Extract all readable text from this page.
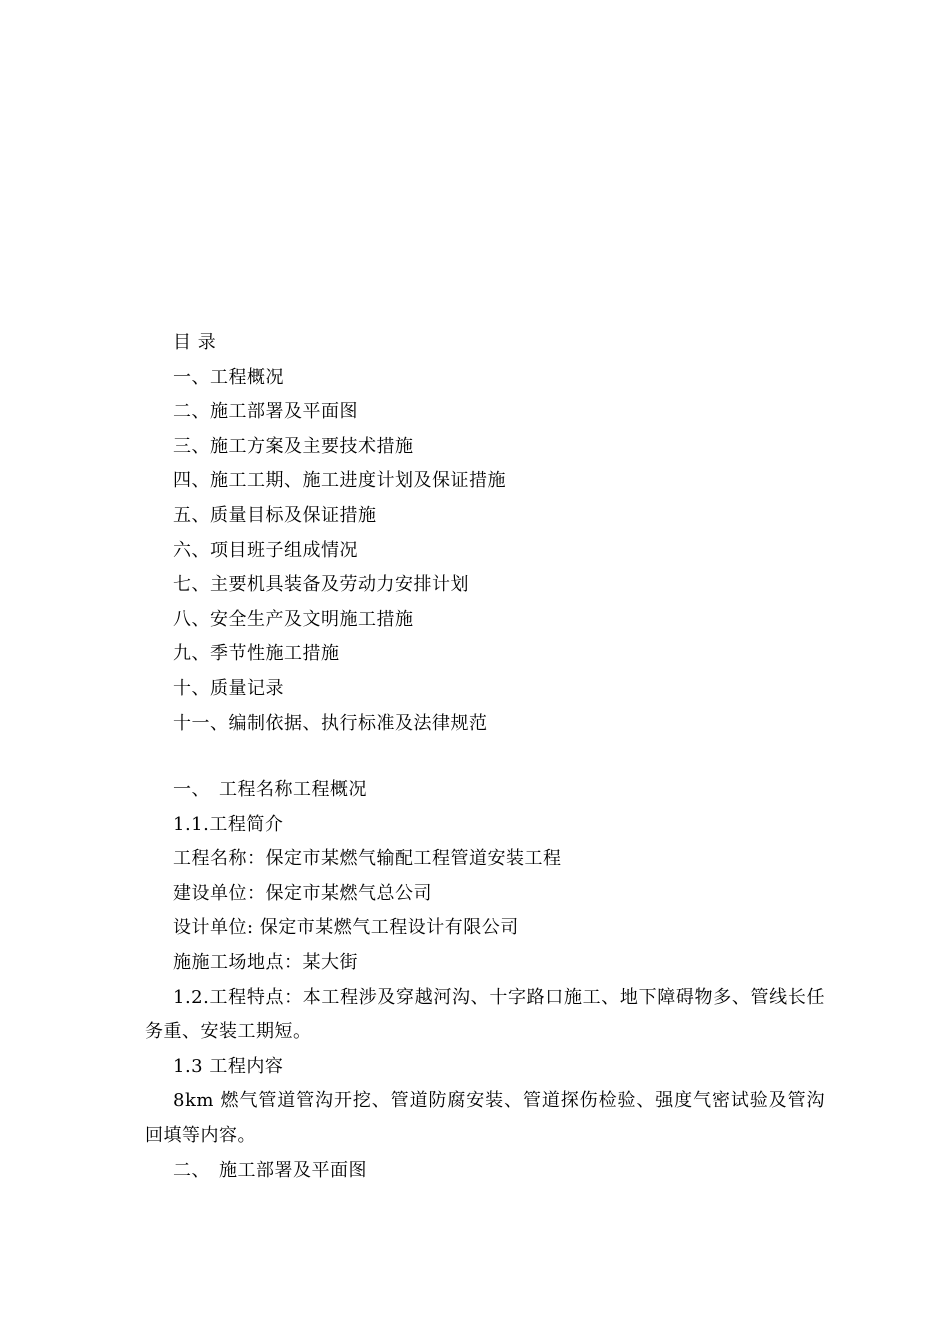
目 录
一、工程概况
二、施工部署及平面图
三、施工方案及主要技术措施
四、施工工期、施工进度计划及保证措施
五、质量目标及保证措施
六、项目班子组成情况
七、主要机具装备及劳动力安排计划
八、安全生产及文明施工措施
九、季节性施工措施
十、质量记录
十一、编制依据、执行标准及法律规范
一、 工程名称工程概况
1.1.工程简介
工程名称：保定市某燃气输配工程管道安装工程
建设单位：保定市某燃气总公司
设计单位: 保定市某燃气工程设计有限公司
施施工场地点：某大街
1.2.工程特点：本工程涉及穿越河沟、十字路口施工、地下障碍物多、管线长任务重、安装工期短。
1.3 工程内容
8km 燃气管道管沟开挖、管道防腐安装、管道探伤检验、强度气密试验及管沟回填等内容。
二、 施工部署及平面图
